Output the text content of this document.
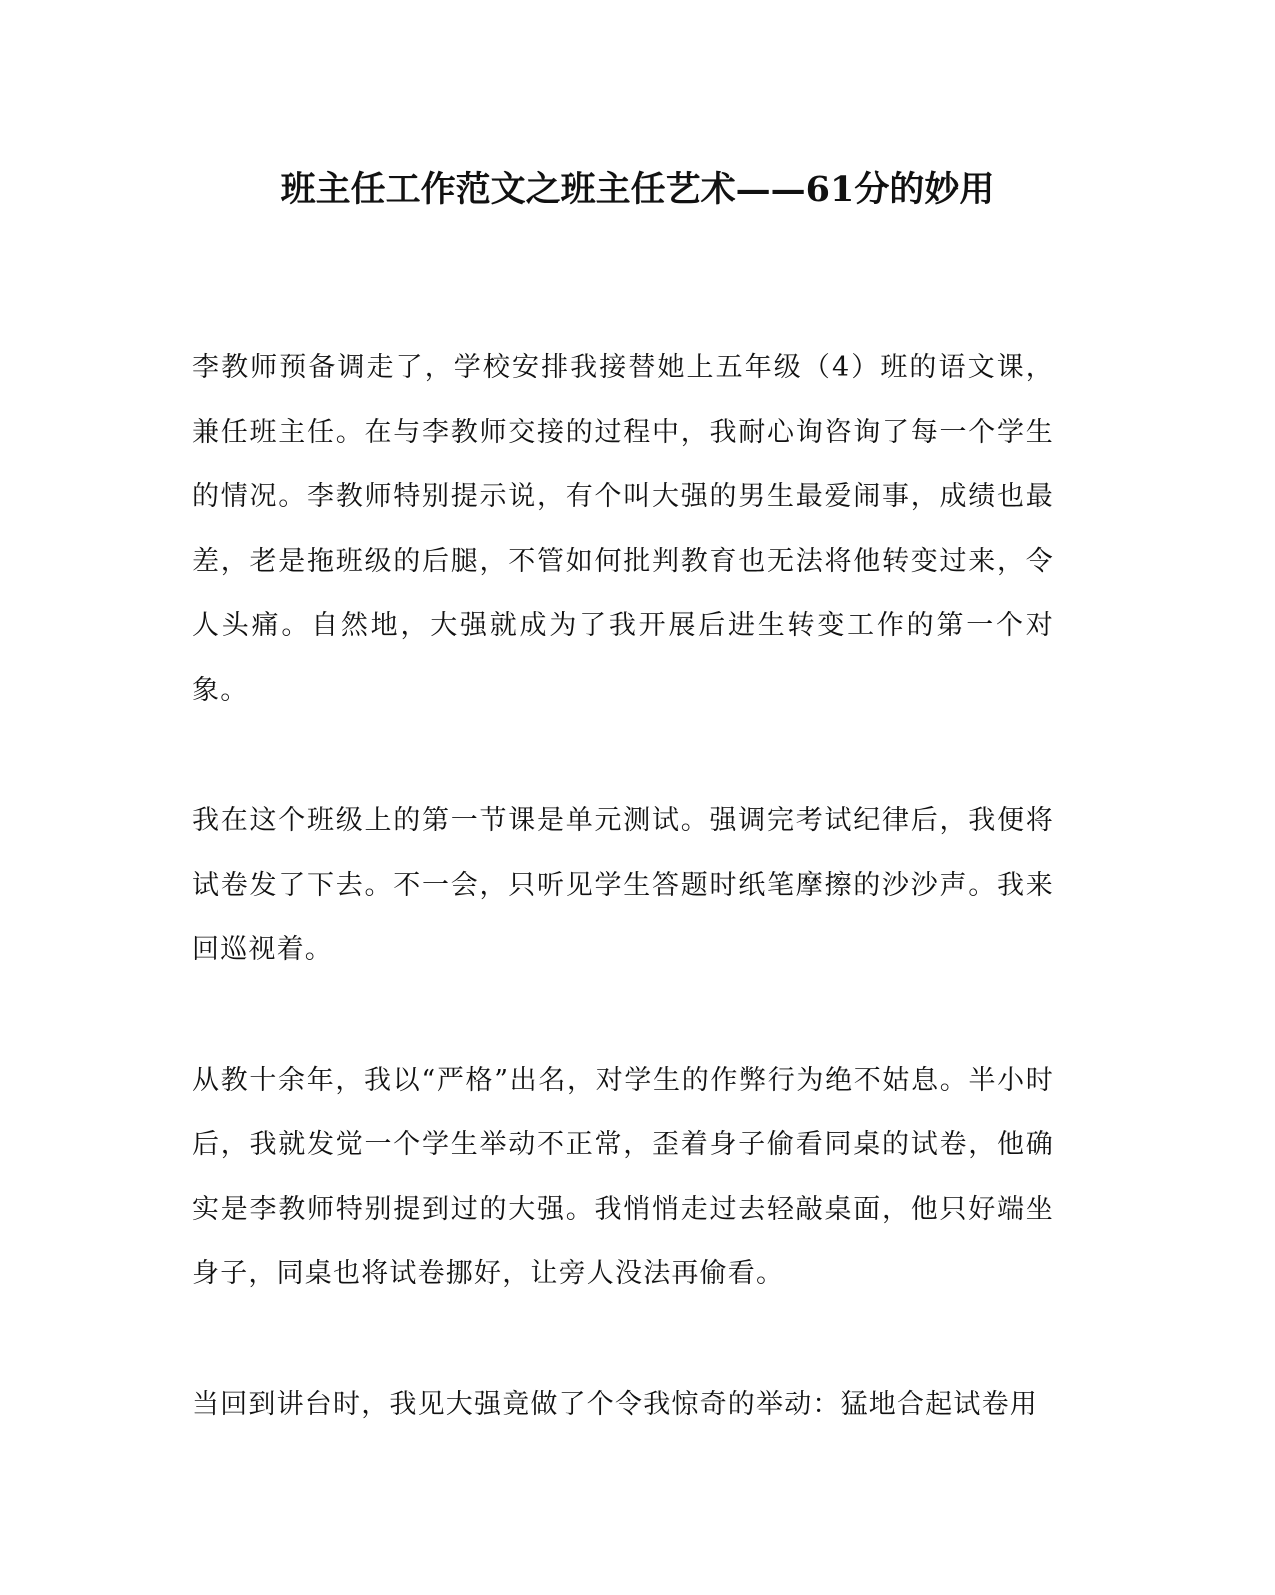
班主任工作范文之班主任艺术——61分的妙用

李教师预备调走了，学校安排我接替她上五年级（4）班的语文课，兼任班主任。在与李教师交接的过程中，我耐心询咨询了每一个学生的情况。李教师特别提示说，有个叫大强的男生最爱闹事，成绩也最差，老是拖班级的后腿，不管如何批判教育也无法将他转变过来，令人头痛。自然地，大强就成为了我开展后进生转变工作的第一个对象。

我在这个班级上的第一节课是单元测试。强调完考试纪律后，我便将试卷发了下去。不一会，只听见学生答题时纸笔摩擦的沙沙声。我来回巡视着。

从教十余年，我以“严格”出名，对学生的作弊行为绝不姑息。半小时后，我就发觉一个学生举动不正常，歪着身子偷看同桌的试卷，他确实是李教师特别提到过的大强。我悄悄走过去轻敲桌面，他只好端坐身子，同桌也将试卷挪好，让旁人没法再偷看。

当回到讲台时，我见大强竟做了个令我惊奇的举动：猛地合起试卷用
